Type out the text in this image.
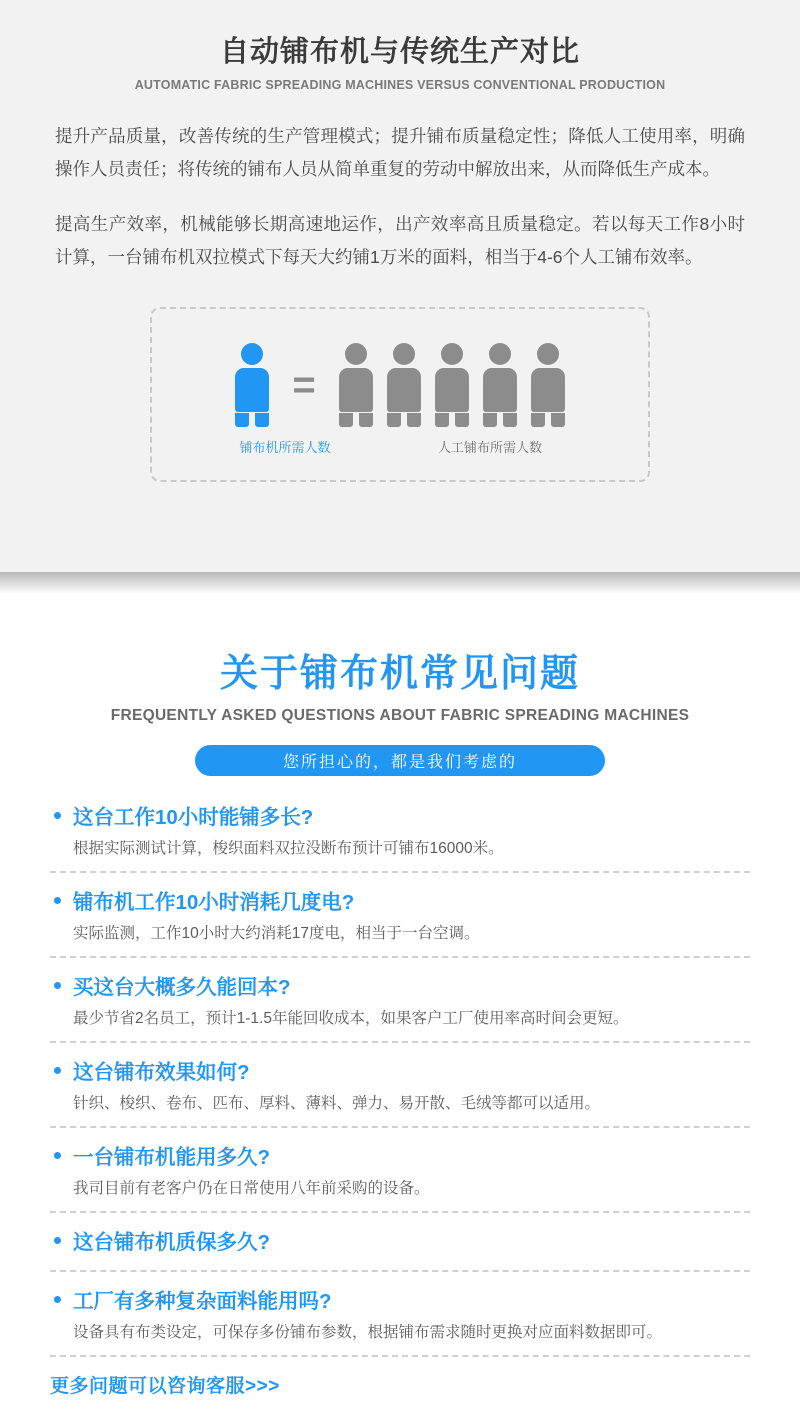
自动铺布机与传统生产对比
AUTOMATIC FABRIC SPREADING MACHINES VERSUS CONVENTIONAL PRODUCTION

提升产品质量，改善传统的生产管理模式；提升铺布质量稳定性；降低人工使用率，明确操作人员责任；将传统的铺布人员从简单重复的劳动中解放出来，从而降低生产成本。

提高生产效率，机械能够长期高速地运作，出产效率高且质量稳定。若以每天工作8小时计算，一台铺布机双拉模式下每天大约铺1万米的面料，相当于4-6个人工铺布效率。

=
铺布机所需人数	人工铺布所需人数
关于铺布机常见问题
FREQUENTLY ASKED QUESTIONS ABOUT FABRIC SPREADING MACHINES
您所担心的，都是我们考虑的
这台工作10小时能铺多长?
根据实际测试计算，梭织面料双拉没断布预计可铺布16000米。
铺布机工作10小时消耗几度电?
实际监测，工作10小时大约消耗17度电，相当于一台空调。
买这台大概多久能回本?
最少节省2名员工，预计1-1.5年能回收成本，如果客户工厂使用率高时间会更短。
这台铺布效果如何?
针织、梭织、卷布、匹布、厚料、薄料、弹力、易开散、毛绒等都可以适用。
一台铺布机能用多久?
我司目前有老客户仍在日常使用八年前采购的设备。
这台铺布机质保多久?
工厂有多种复杂面料能用吗?
设备具有布类设定，可保存多份铺布参数，根据铺布需求随时更换对应面料数据即可。
更多问题可以咨询客服>>>
